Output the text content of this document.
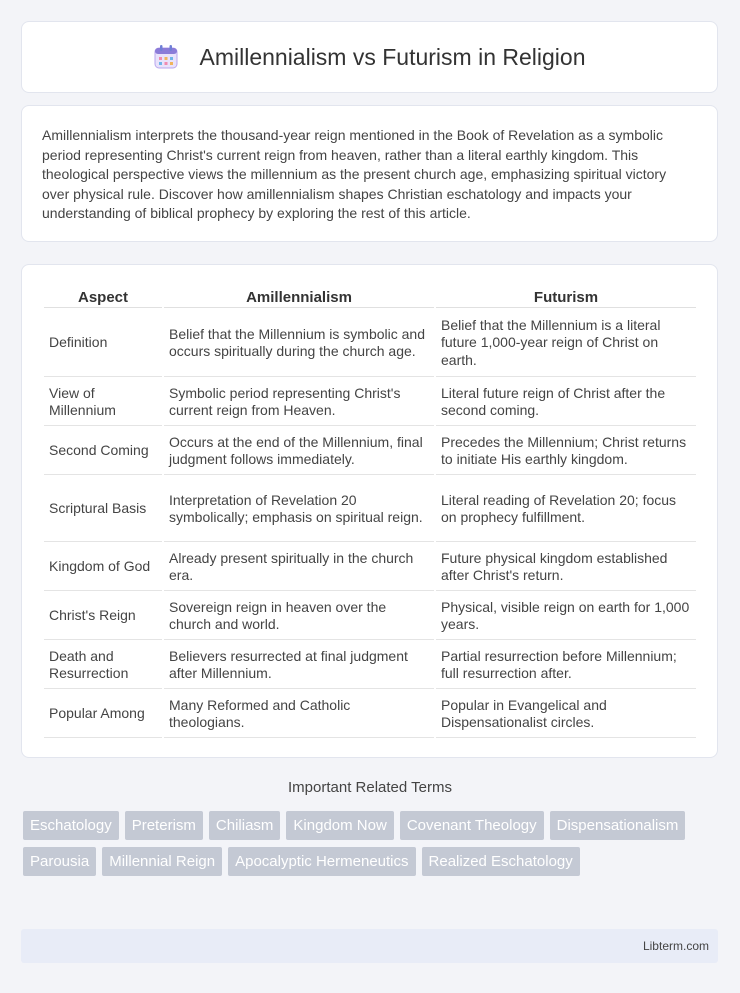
Amillennialism vs Futurism in Religion

Amillennialism interprets the thousand-year reign mentioned in the Book of Revelation as a symbolic period representing Christ's current reign from heaven, rather than a literal earthly kingdom. This theological perspective views the millennium as the present church age, emphasizing spiritual victory over physical rule. Discover how amillennialism shapes Christian eschatology and impacts your understanding of biblical prophecy by exploring the rest of this article.

Aspect	Amillennialism	Futurism
Definition	Belief that the Millennium is symbolic and occurs spiritually during the church age.	Belief that the Millennium is a literal future 1,000-year reign of Christ on earth.
View of Millennium	Symbolic period representing Christ's current reign from Heaven.	Literal future reign of Christ after the second coming.
Second Coming	Occurs at the end of the Millennium, final judgment follows immediately.	Precedes the Millennium; Christ returns to initiate His earthly kingdom.
Scriptural Basis	Interpretation of Revelation 20 symbolically; emphasis on spiritual reign.	Literal reading of Revelation 20; focus on prophecy fulfillment.
Kingdom of God	Already present spiritually in the church era.	Future physical kingdom established after Christ's return.
Christ's Reign	Sovereign reign in heaven over the church and world.	Physical, visible reign on earth for 1,000 years.
Death and Resurrection	Believers resurrected at final judgment after Millennium.	Partial resurrection before Millennium; full resurrection after.
Popular Among	Many Reformed and Catholic theologians.	Popular in Evangelical and Dispensationalist circles.
Important Related Terms
Eschatology	Preterism	Chiliasm	Kingdom Now	Covenant Theology	Dispensationalism
Parousia	Millennial Reign	Apocalyptic Hermeneutics	Realized Eschatology
Libterm.com
